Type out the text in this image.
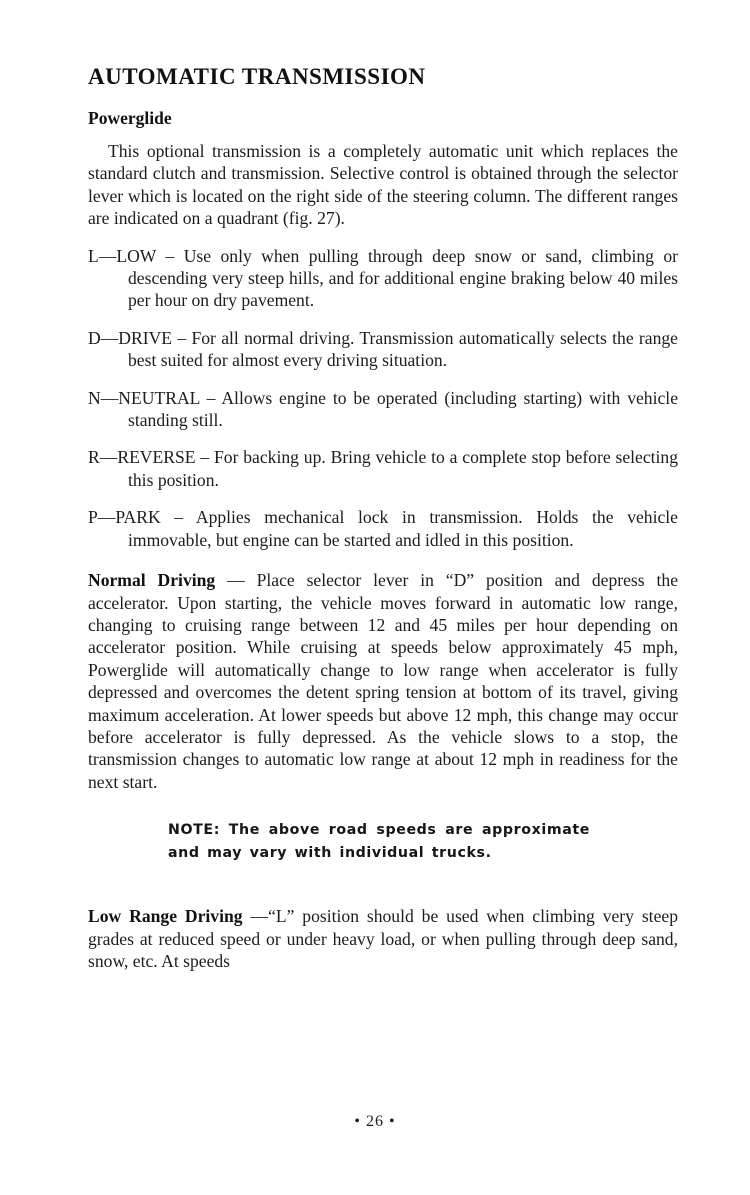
AUTOMATIC TRANSMISSION
Powerglide

This optional transmission is a completely automatic unit which replaces the standard clutch and transmission. Selective control is obtained through the selector lever which is located on the right side of the steering column. The different ranges are indicated on a quadrant (fig. 27).

L—LOW – Use only when pulling through deep snow or sand, climbing or descending very steep hills, and for additional engine braking below 40 miles per hour on dry pavement.
D—DRIVE – For all normal driving. Transmission automatically selects the range best suited for almost every driving situation.
N—NEUTRAL – Allows engine to be operated (including starting) with vehicle standing still.
R—REVERSE – For backing up. Bring vehicle to a complete stop before selecting this position.
P—PARK – Applies mechanical lock in transmission. Holds the vehicle immovable, but engine can be started and idled in this position.

Normal Driving — Place selector lever in “D” position and depress the accelerator. Upon starting, the vehicle moves forward in automatic low range, changing to cruising range between 12 and 45 miles per hour depending on accelerator position. While cruising at speeds below approximately 45 mph, Powerglide will automatically change to low range when accelerator is fully depressed and overcomes the detent spring tension at bottom of its travel, giving maximum acceleration. At lower speeds but above 12 mph, this change may occur before accelerator is fully depressed. As the vehicle slows to a stop, the transmission changes to automatic low range at about 12 mph in readiness for the next start.

NOTE: The above road speeds are approximate and may vary with individual trucks.

Low Range Driving —“L” position should be used when climbing very steep grades at reduced speed or under heavy load, or when pulling through deep sand, snow, etc. At speeds

• 26 •
